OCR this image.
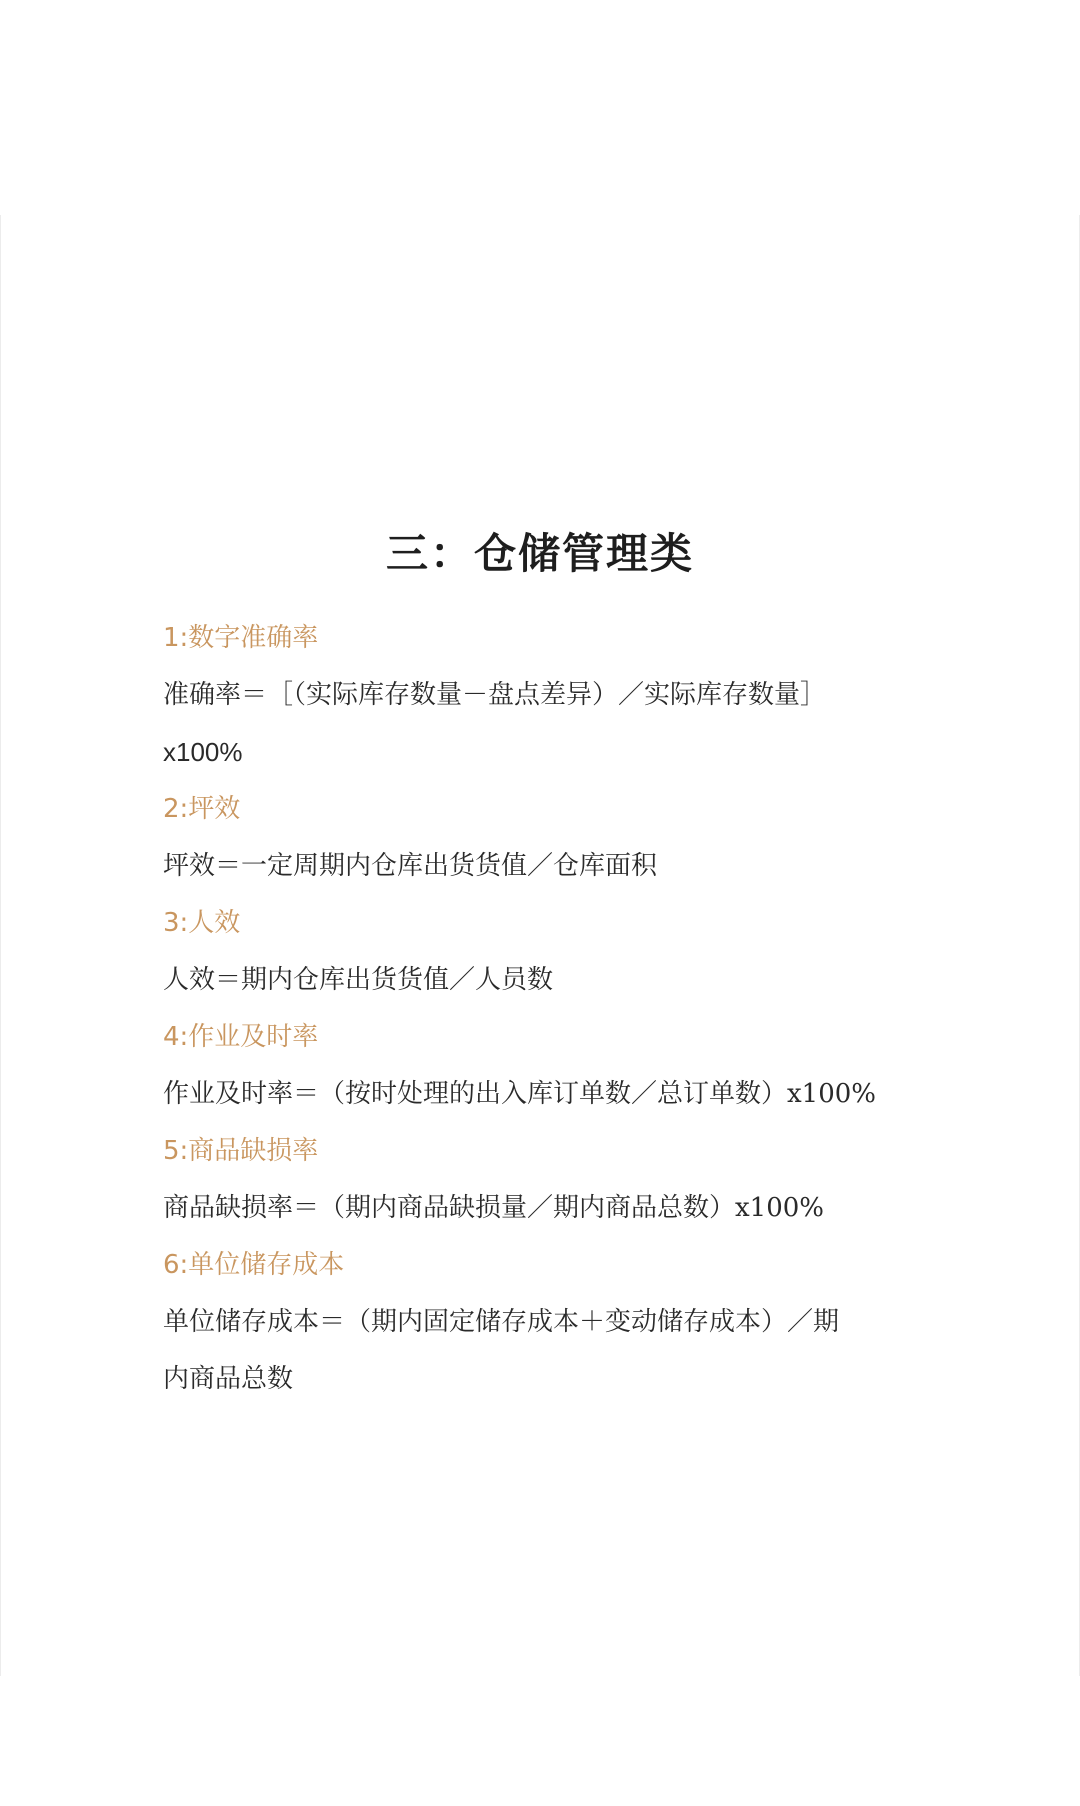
三：仓储管理类

1:数字准确率

准确率＝［（实际库存数量－盘点差异）／实际库存数量］

x100%

2:坪效

坪效＝一定周期内仓库出货货值／仓库面积

3:人效

人效＝期内仓库出货货值／人员数

4:作业及时率

作业及时率＝（按时处理的出入库订单数／总订单数）x100%

5:商品缺损率

商品缺损率＝（期内商品缺损量／期内商品总数）x100%

6:单位储存成本

单位储存成本＝（期内固定储存成本＋变动储存成本）／期

内商品总数
